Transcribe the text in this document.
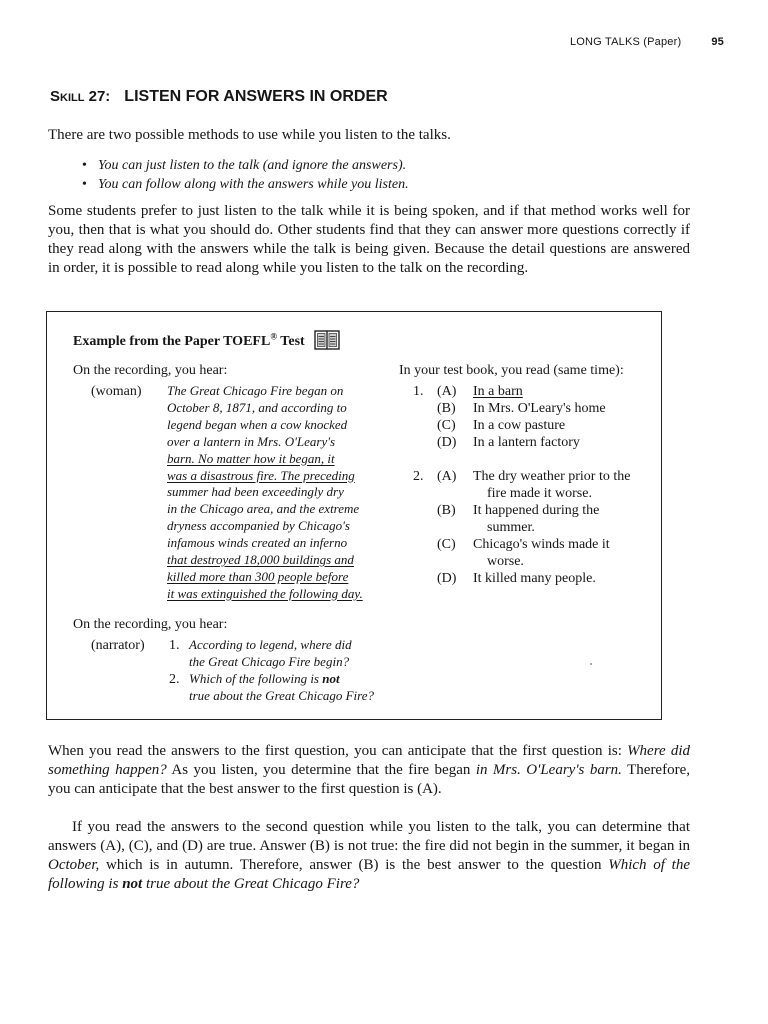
LONG TALKS (Paper)	95
Skill 27: LISTEN FOR ANSWERS IN ORDER

There are two possible methods to use while you listen to the talks.

• You can just listen to the talk (and ignore the answers).
• You can follow along with the answers while you listen.

Some students prefer to just listen to the talk while it is being spoken, and if that method works well for you, then that is what you should do. Other students find that they can answer more questions correctly if they read along with the answers while the talk is being given. Because the detail questions are answered in order, it is possible to read along while you listen to the talk on the recording.

Example from the Paper TOEFL® Test
On the recording, you hear:
(woman) The Great Chicago Fire began on
October 8, 1871, and according to
legend began when a cow knocked
over a lantern in Mrs. O'Leary's
barn. No matter how it began, it
was a disastrous fire. The preceding
summer had been exceedingly dry
in the Chicago area, and the extreme
dryness accompanied by Chicago's
infamous winds created an inferno
that destroyed 18,000 buildings and
killed more than 300 people before
it was extinguished the following day.
In your test book, you read (same time):
1. (A)	In a barn
(B)	In Mrs. O'Leary's home
(C)	In a cow pasture
(D)	In a lantern factory
2. (A)	The dry weather prior to the
fire made it worse.
(B)	It happened during the
summer.
(C)	Chicago's winds made it
worse.
(D)	It killed many people.
On the recording, you hear:
(narrator) 1. According to legend, where did
the Great Chicago Fire begin?
2. Which of the following is not
true about the Great Chicago Fire?

When you read the answers to the first question, you can anticipate that the first question is: Where did something happen? As you listen, you determine that the fire began in Mrs. O'Leary's barn. Therefore, you can anticipate that the best answer to the first question is (A).

If you read the answers to the second question while you listen to the talk, you can determine that answers (A), (C), and (D) are true. Answer (B) is not true: the fire did not begin in the summer, it began in October, which is in autumn. Therefore, answer (B) is the best answer to the question Which of the following is not true about the Great Chicago Fire?
